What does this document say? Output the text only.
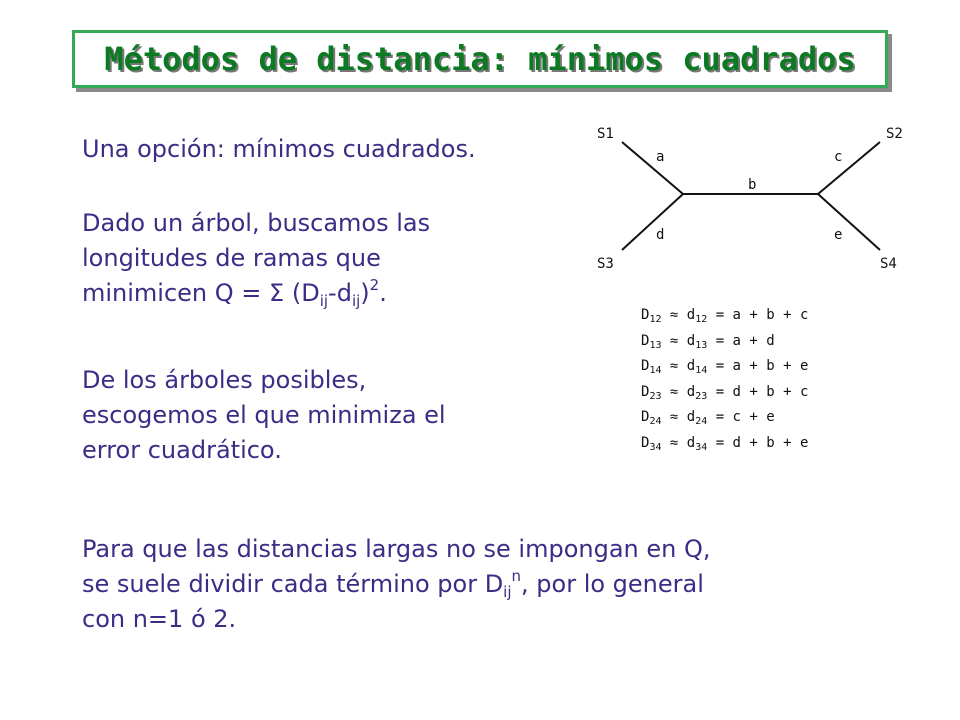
Métodos de distancia: mínimos cuadrados

Una opción: mínimos cuadrados.

Dado un árbol, buscamos las
longitudes de ramas que
minimicen Q = Σ $(D_{ij}-d_{ij})^2$.
De los árboles posibles,
escogemos el que minimiza el
error cuadrático.
S1	S2
S3	S4
a
b
c
d	e
$D_{12} \approx d_{12} = a + b + c$
$D_{13} \approx d_{13} = a + d$
$D_{14} \approx d_{14} = a + b + e$
$D_{23} \approx d_{23} = d + b + c$
$D_{24} \approx d_{24} = c + e$
$D_{34} \approx d_{34} = d + b + e$
Para que las distancias largas no se impongan en Q,
se suele dividir cada término por $D_{ij}^n$, por lo general
con n=1 ó 2.
